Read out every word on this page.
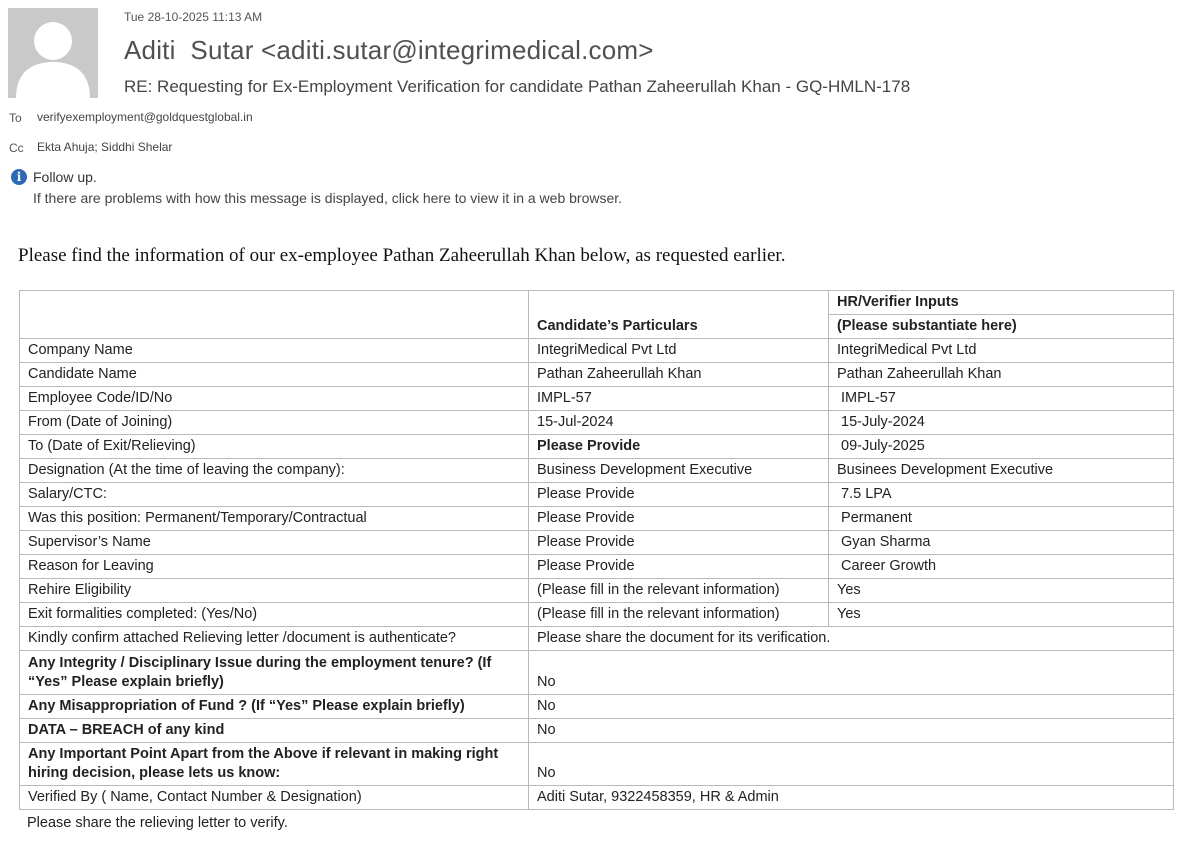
Tue 28-10-2025 11:13 AM
Aditi  Sutar <aditi.sutar@integrimedical.com>
RE: Requesting for Ex-Employment Verification for candidate Pathan Zaheerullah Khan - GQ-HMLN-178
To verifyexemployment@goldquestglobal.in
Cc Ekta Ahuja; Siddhi Shelar
i Follow up.
If there are problems with how this message is displayed, click here to view it in a web browser.
Please find the information of our ex-employee Pathan Zaheerullah Khan below, as requested earlier.
	Candidate’s Particulars	HR/Verifier Inputs
		(Please substantiate here)
Company Name	IntegriMedical Pvt Ltd	IntegriMedical Pvt Ltd
Candidate Name	Pathan Zaheerullah Khan	Pathan Zaheerullah Khan
Employee Code/ID/No	IMPL-57	IMPL-57
From (Date of Joining)	15-Jul-2024	15-July-2024
To (Date of Exit/Relieving)	Please Provide	09-July-2025
Designation (At the time of leaving the company):	Business Development Executive	Businees Development Executive
Salary/CTC:	Please Provide	7.5 LPA
Was this position: Permanent/Temporary/Contractual	Please Provide	Permanent
Supervisor’s Name	Please Provide	Gyan Sharma
Reason for Leaving	Please Provide	Career Growth
Rehire Eligibility	(Please fill in the relevant information)	Yes
Exit formalities completed: (Yes/No)	(Please fill in the relevant information)	Yes
Kindly confirm attached Relieving letter /document is authenticate?	Please share the document for its verification.	
Any Integrity / Disciplinary Issue during the employment tenure? (If “Yes” Please explain briefly)	No	
Any Misappropriation of Fund ? (If “Yes” Please explain briefly)	No	
DATA – BREACH of any kind	No	
Any Important Point Apart from the Above if relevant in making right hiring decision, please lets us know:	No	
Verified By ( Name, Contact Number & Designation)	Aditi Sutar, 9322458359, HR & Admin	
Please share the relieving letter to verify.
